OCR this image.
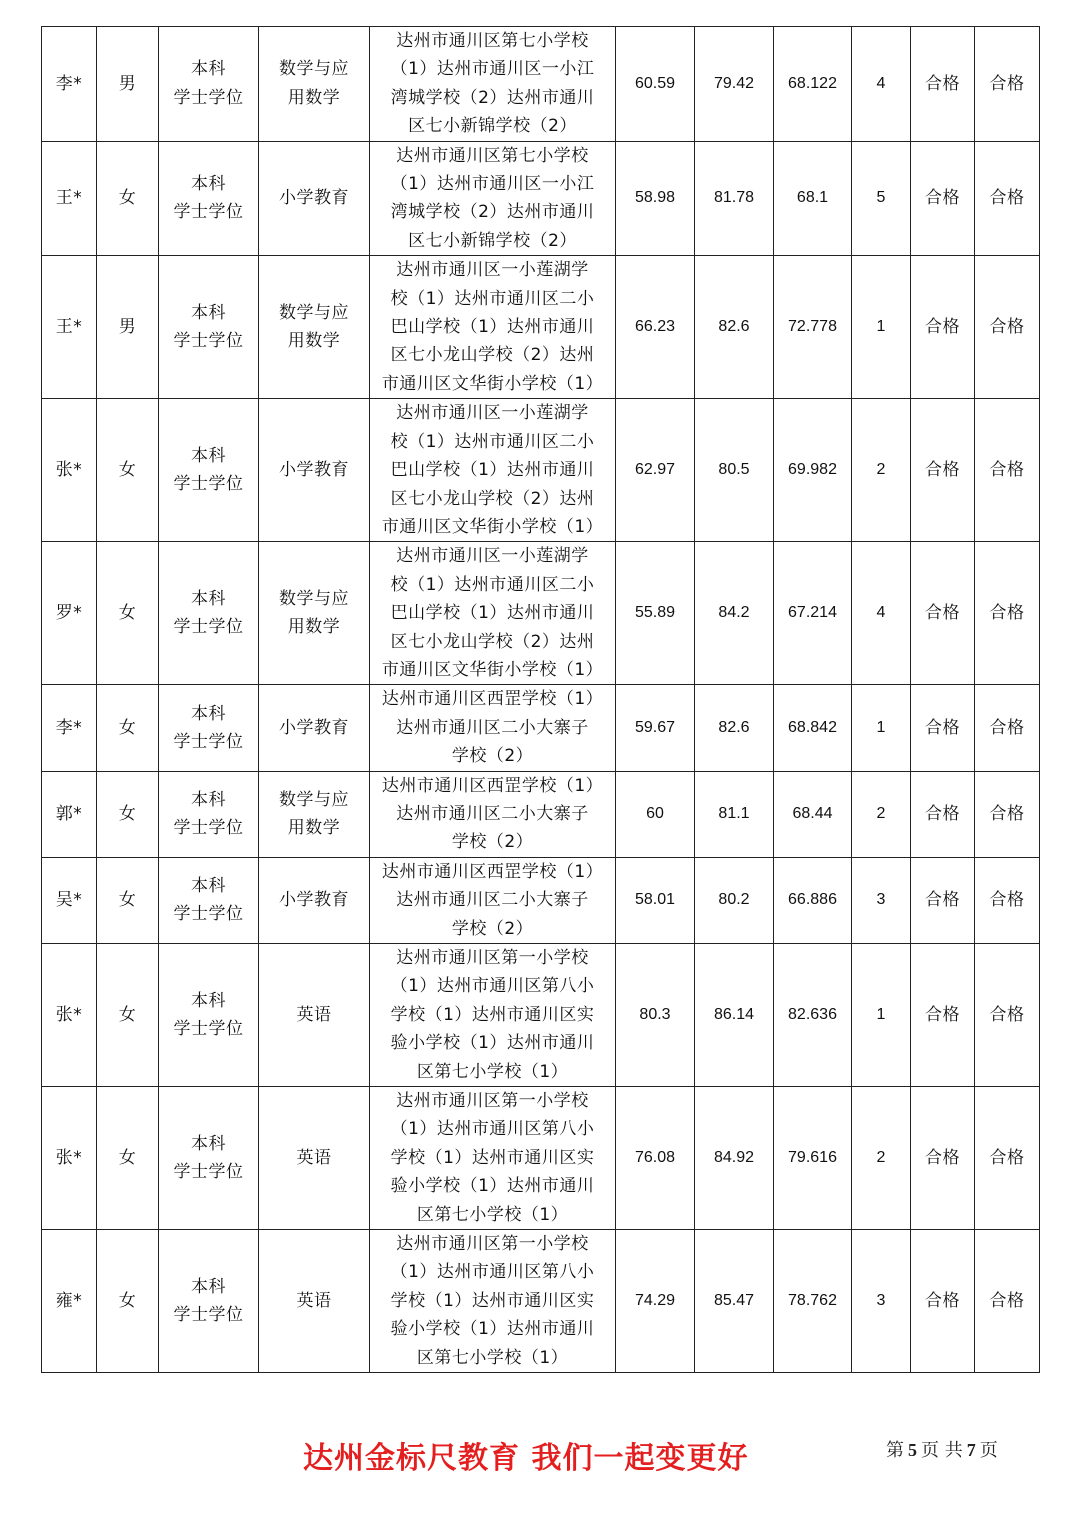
李*	男	本科
学士学位	数学与应
用数学	达州市通川区第七小学校
（1）达州市通川区一小江
湾城学校（2）达州市通川
区七小新锦学校（2）	60.59	79.42	68.122	4	合格	合格
王*	女	本科
学士学位	小学教育	达州市通川区第七小学校
（1）达州市通川区一小江
湾城学校（2）达州市通川
区七小新锦学校（2）	58.98	81.78	68.1	5	合格	合格
王*	男	本科
学士学位	数学与应
用数学	达州市通川区一小莲湖学
校（1）达州市通川区二小
巴山学校（1）达州市通川
区七小龙山学校（2）达州
市通川区文华街小学校（1）	66.23	82.6	72.778	1	合格	合格
张*	女	本科
学士学位	小学教育	达州市通川区一小莲湖学
校（1）达州市通川区二小
巴山学校（1）达州市通川
区七小龙山学校（2）达州
市通川区文华街小学校（1）	62.97	80.5	69.982	2	合格	合格
罗*	女	本科
学士学位	数学与应
用数学	达州市通川区一小莲湖学
校（1）达州市通川区二小
巴山学校（1）达州市通川
区七小龙山学校（2）达州
市通川区文华街小学校（1）	55.89	84.2	67.214	4	合格	合格
李*	女	本科
学士学位	小学教育	达州市通川区西罡学校（1）
达州市通川区二小大寨子
学校（2）	59.67	82.6	68.842	1	合格	合格
郭*	女	本科
学士学位	数学与应
用数学	达州市通川区西罡学校（1）
达州市通川区二小大寨子
学校（2）	60	81.1	68.44	2	合格	合格
吴*	女	本科
学士学位	小学教育	达州市通川区西罡学校（1）
达州市通川区二小大寨子
学校（2）	58.01	80.2	66.886	3	合格	合格
张*	女	本科
学士学位	英语	达州市通川区第一小学校
（1）达州市通川区第八小
学校（1）达州市通川区实
验小学校（1）达州市通川
区第七小学校（1）	80.3	86.14	82.636	1	合格	合格
张*	女	本科
学士学位	英语	达州市通川区第一小学校
（1）达州市通川区第八小
学校（1）达州市通川区实
验小学校（1）达州市通川
区第七小学校（1）	76.08	84.92	79.616	2	合格	合格
雍*	女	本科
学士学位	英语	达州市通川区第一小学校
（1）达州市通川区第八小
学校（1）达州市通川区实
验小学校（1）达州市通川
区第七小学校（1）	74.29	85.47	78.762	3	合格	合格
达州金标尺教育 我们一起变更好	第 5 页 共 7 页
